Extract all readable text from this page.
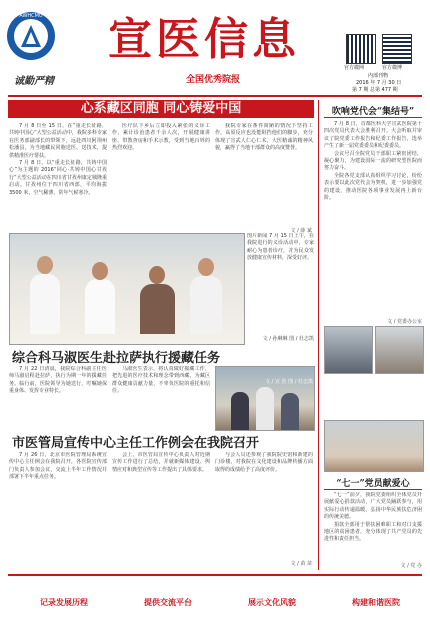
AWHCMU
诚勤严精
宣医信息
全国优秀院报
官方微网	官方微博
内部刊物
2016 年 7 月 30 日
第 7 期 总第 477 期
心系藏区同胞 同心铸爱中国

7 月 8 日至 15 日，在“重走长征路，共铸中国心”大型公益活动中，我院多科专家在医务部副部长的带领下，远赴四川阿坝州松潘县，为当地藏民同胞送医、送技术，提供精准医疗帮扶。

7 月 8 日，以“重走长征路，共铸中国心”为主题的 2016“同心·共铸中国心甘孜行”大型公益活动在四川省甘孜州康定城隆重启动。甘孜州位于四川省西部，平均海拔 3500 米，空气稀薄，常年气候寒冷。

医疗队下乡后立即投入紧张的义诊工作，累计诊治患者千余人次，开展健康讲座、带教查房和手术示教，受到当地百姓的热烈欢迎。

我院专家在条件简陋的情况下坚持工作，高原反应也没能阻挡他们的脚步，充分体现了宣武人仁心仁术、大医精诚的精神风貌，赢得了当地干部群众的高度赞誉。

文 / 薛 斌

图片新闻 7 月 15 日上午，在我院进行的义诊活动中，专家耐心为患者诊疗，并为民众发放健康宣传材料，深受好评。

文 / 孙琳琳 图 / 杜志凯
综合科马淑医生赴拉萨执行援藏任务

7 月 22 日清晨，我院综合科副主任医师马淑启程赴拉萨，执行为期一年的援藏任务。临行前，医院领导为她送行，叮嘱她保重身体、发挥专业特长。

马淑医生表示，将认真做好援藏工作，把先进的医疗技术和理念带到西藏，为藏区群众健康贡献力量，不辜负医院的重托和信任。

文 / 宣 医 图 / 杜志凯
市医管局宣传中心主任工作例会在我院召开

7 月 26 日，北京市医院管理局系统宣传中心主任例会在我院召开，各医院宣传部门负责人参加会议，交流上半年工作情况并部署下半年重点任务。

会上，市医管局宣传中心负责人对近期宣传工作进行了总结，并就新媒体建设、舆情应对和典型宣传等工作提出了具体要求。

与会人员还参观了我院院史馆和新建的门诊楼，对我院在文化建设和品牌传播方面取得的成绩给予了高度评价。

文 / 苗 苗
吹响党代会“集结号”

7 月 8 日，首都医科大学宣武医院第十四次党员代表大会胜利召开。大会听取并审议了院党委工作报告和纪委工作报告，选举产生了新一届党委委员和纪委委员。

会议号召全院党员干部职工紧密团结，凝心聚力，为建设国际一流的研究型医院而努力奋斗。

全院各党支部认真组织学习讨论，纷纷表示要以此次党代会为契机，进一步加强党的建设，推动医院各项事业发展再上新台阶。

文 / 党委办公室
“七一”党员献爱心

“七一”前夕，我院党委组织全体党员开展献爱心捐款活动，广大党员踊跃参与，用实际行动传递温暖，弘扬中华民族扶危济困的传统美德。

捐款全部用于帮扶困难职工和对口支援地区的贫困患者，充分体现了共产党员的先进性和责任担当。

文 / 党 办
记录发展历程	提供交流平台	展示文化风貌	构建和谐医院
